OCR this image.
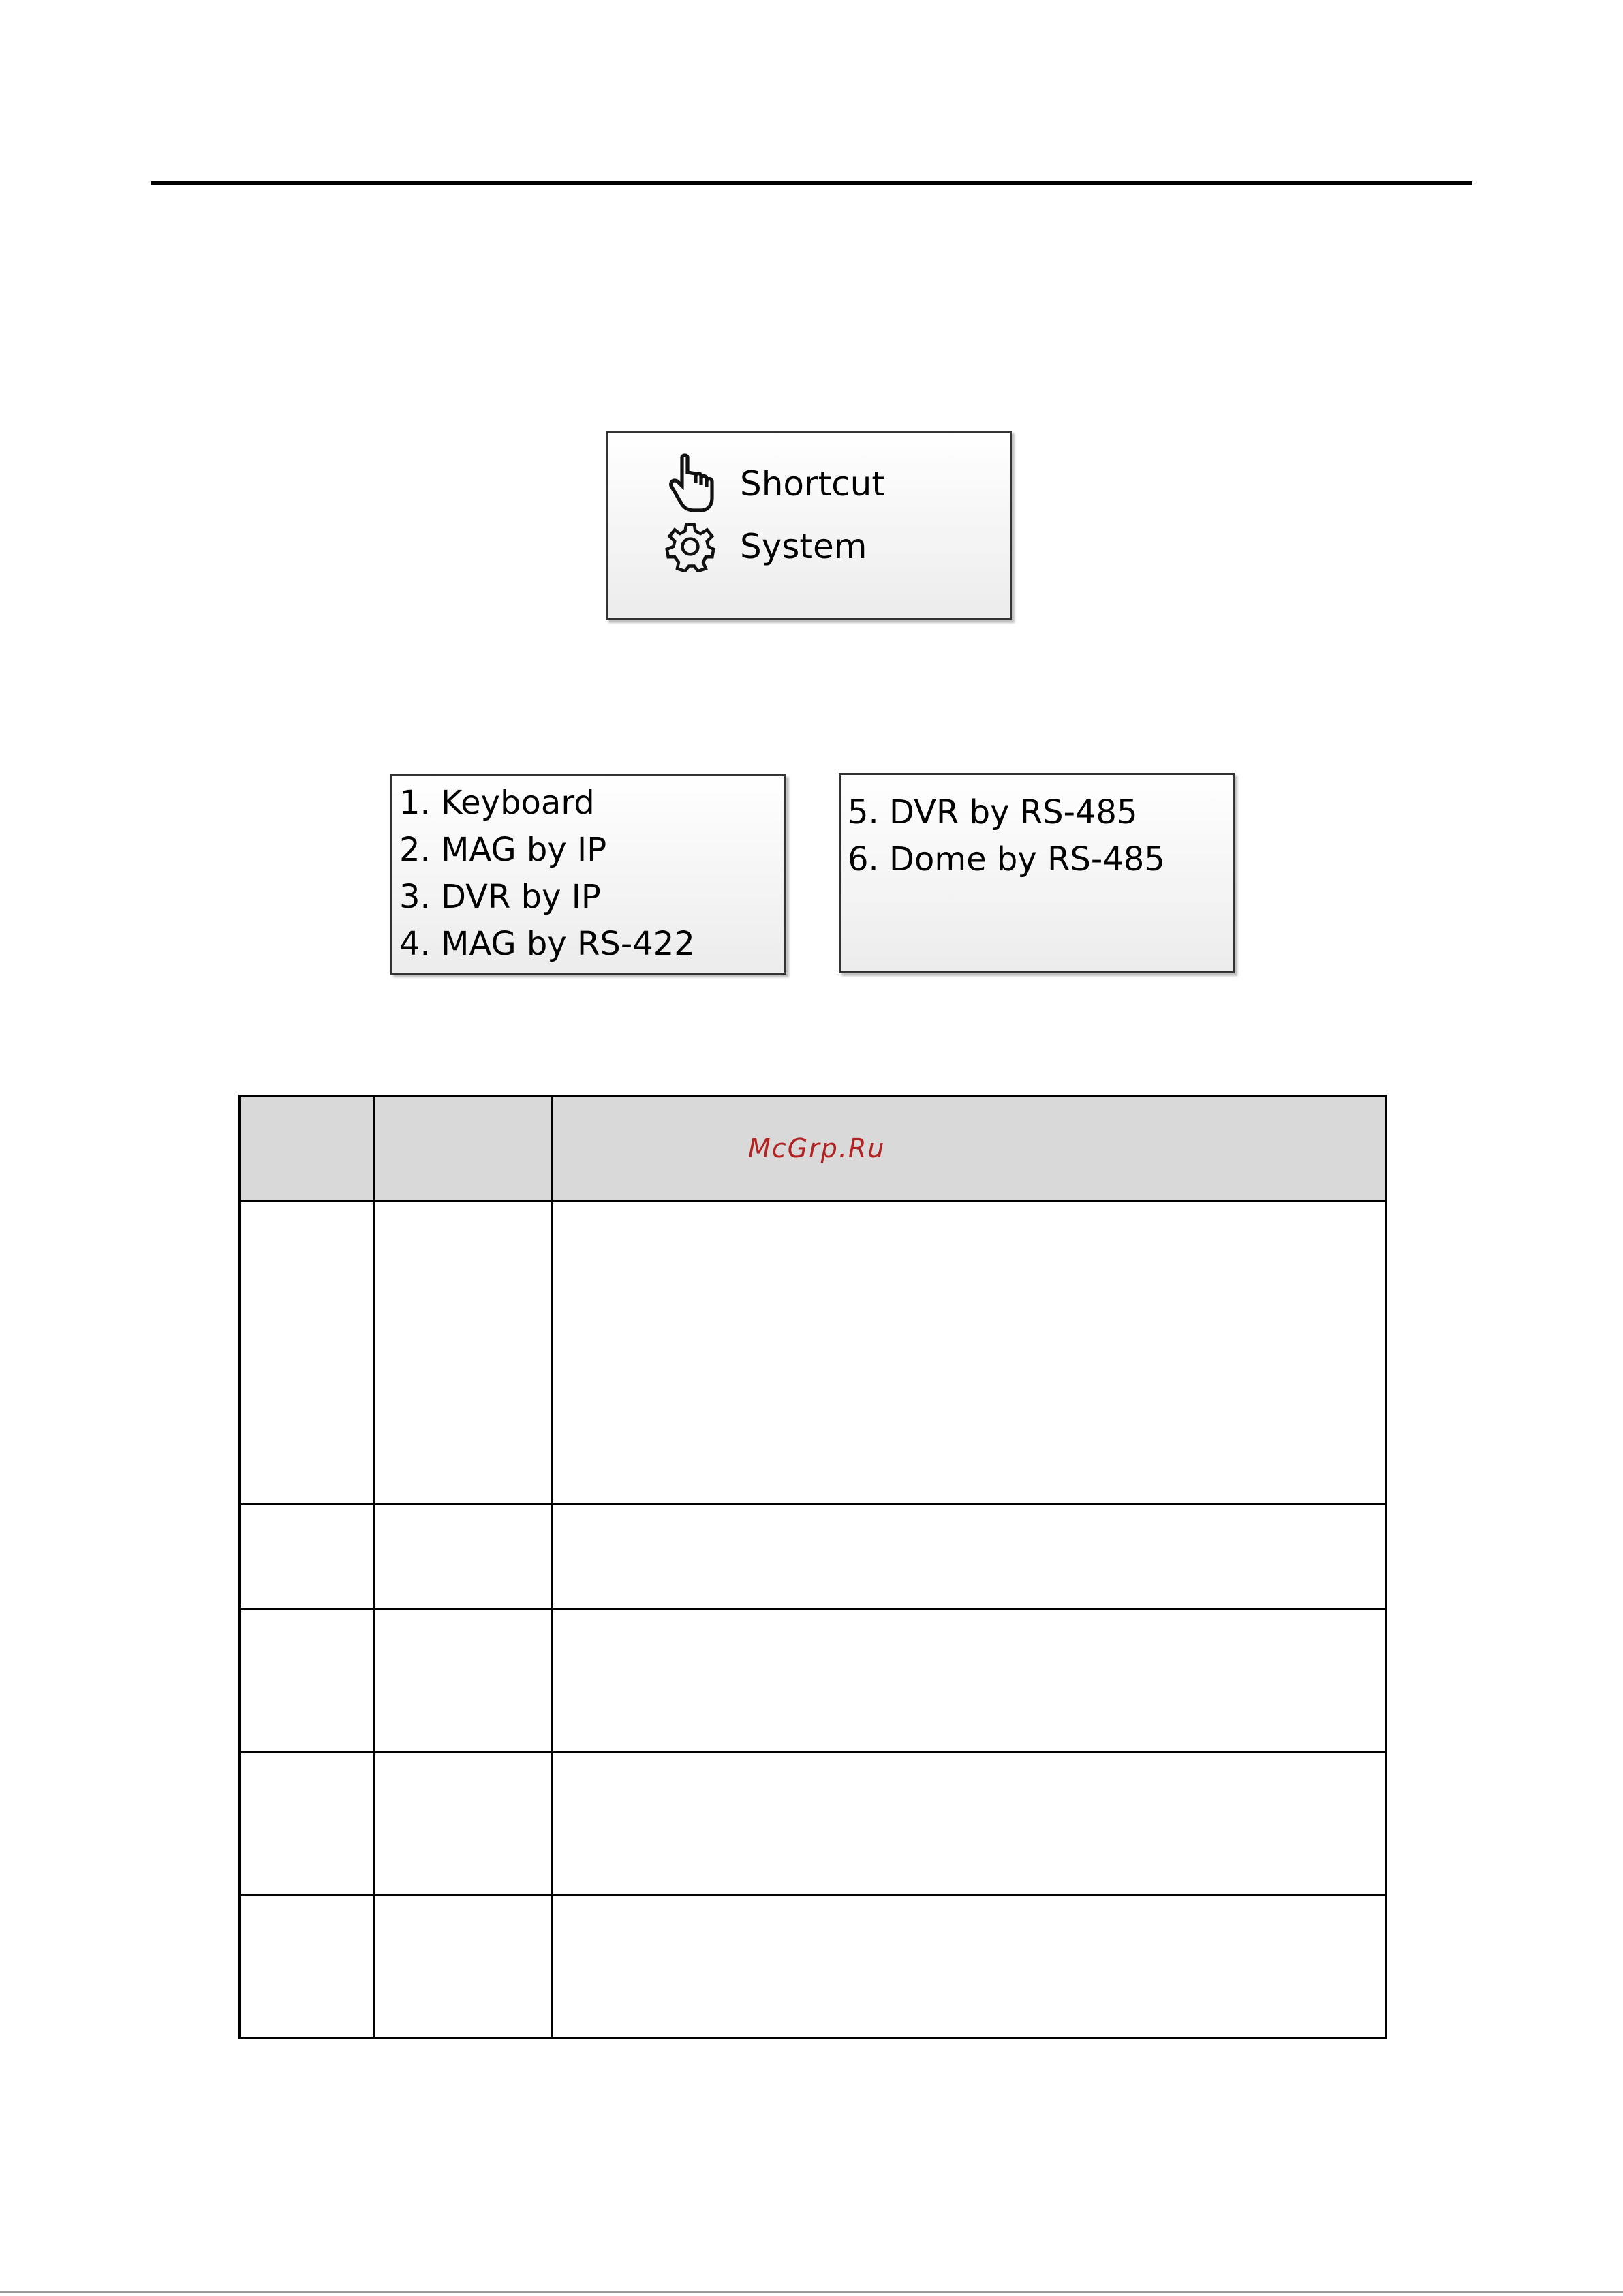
Shortcut
System
1. Keyboard
2. MAG by IP
3. DVR by IP
4. MAG by RS-422
5. DVR by RS-485
6. Dome by RS-485

		McGrp.Ru
